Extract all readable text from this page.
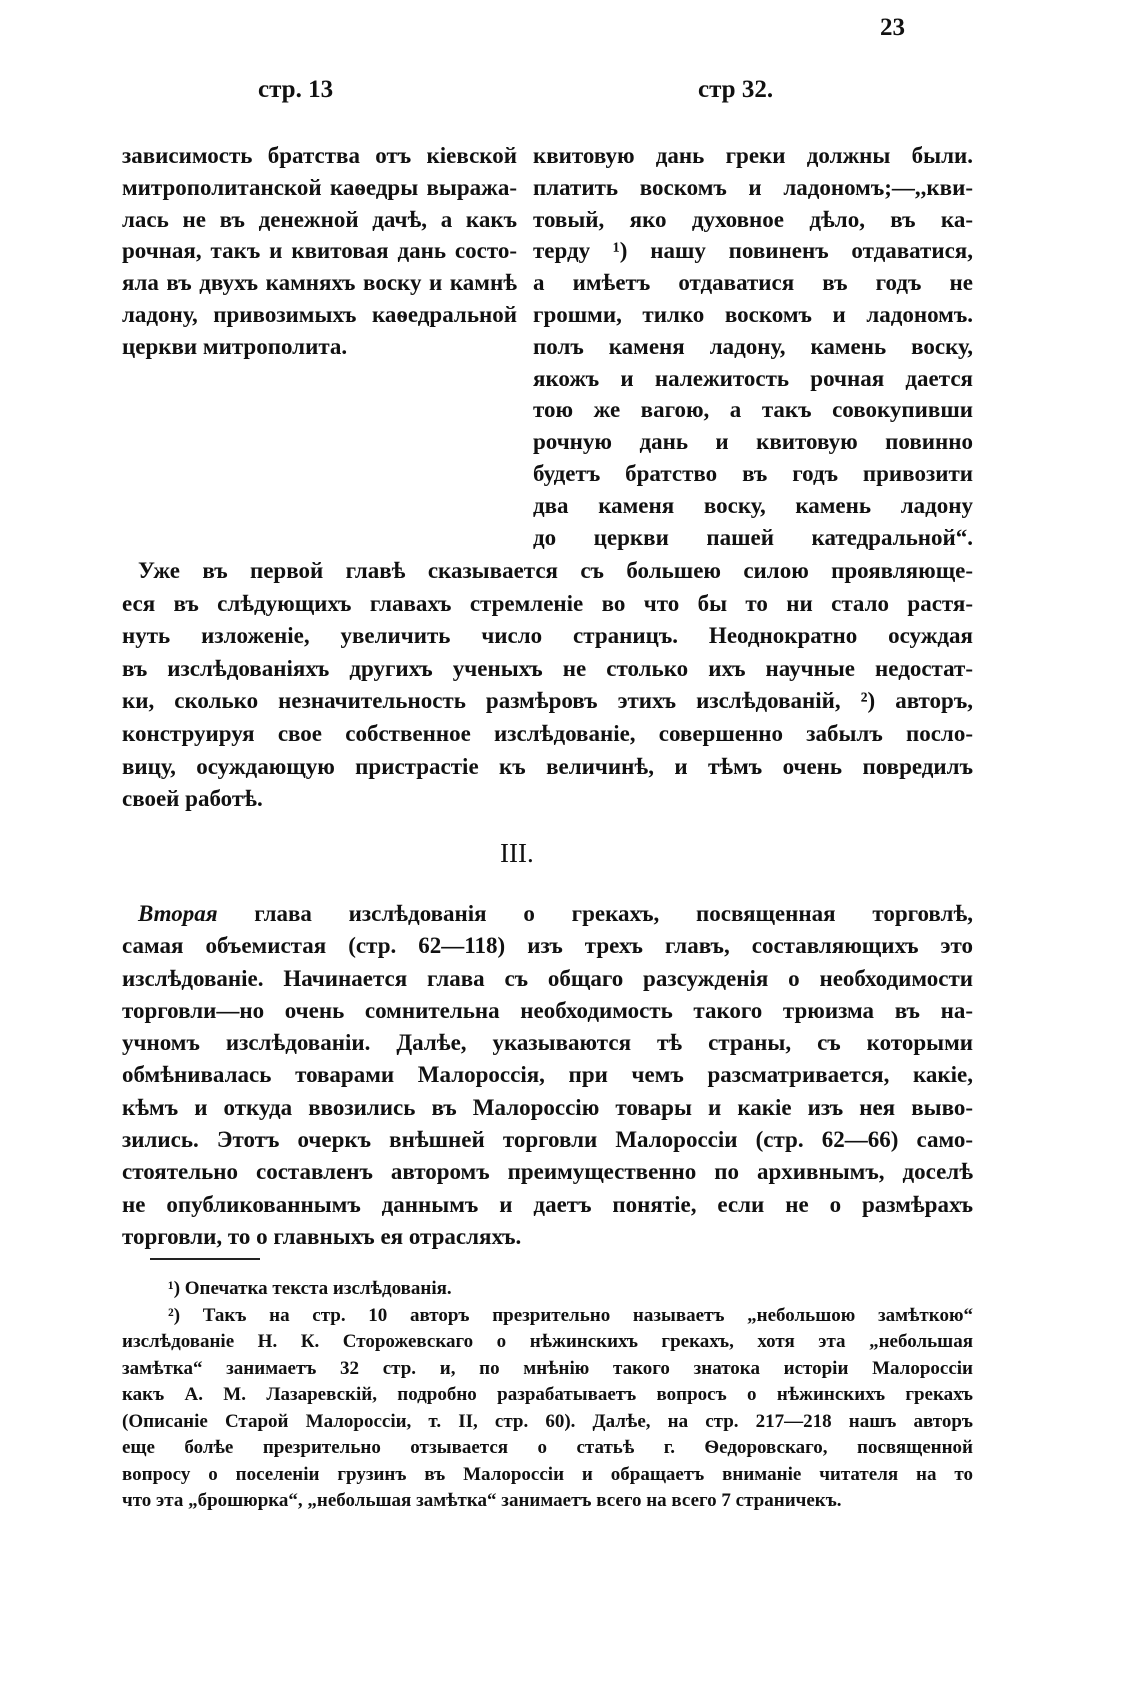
23
стр. 13	стр 32.
зависимость братства отъ кіевской
митрополитанской каѳедры выража-
лась не въ денежной дачѣ, а какъ
рочная, такъ и квитовая дань состо-
яла въ двухъ камняхъ воску и камнѣ
ладону, привозимыхъ каѳедральной
церкви митрополита.
квитовую дань греки должны были.
платить воскомъ и ладономъ;—,,кви-
товый, яко духовное дѣло, въ ка-
терду ¹) нашу повиненъ отдаватися,
а имѣетъ отдаватися въ годъ не
грошми, тилко воскомъ и ладономъ.
полъ каменя ладону, камень воску,
якожъ и належитость рочная дается
тою же вагою, а такъ совокупивши
рочную дань и квитовую повинно
будетъ братство въ годъ привозити
два каменя воску, камень ладону
до церкви пашей катедральной“.
Уже въ первой главѣ сказывается съ большею силою проявляюще-
еся въ слѣдующихъ главахъ стремленіе во что бы то ни стало растя-
нуть изложеніе, увеличить число страницъ. Неоднократно осуждая
въ изслѣдованіяхъ другихъ ученыхъ не столько ихъ научные недостат-
ки, сколько незначительность размѣровъ этихъ изслѣдованій, ²) авторъ,
конструируя свое собственное изслѣдованіе, совершенно забылъ посло-
вицу, осуждающую пристрастіе къ величинѣ, и тѣмъ очень повредилъ
своей работѣ.
III.
Вторая глава изслѣдованія о грекахъ, посвященная торговлѣ,
самая объемистая (стр. 62—118) изъ трехъ главъ, составляющихъ это
изслѣдованіе. Начинается глава съ общаго разсужденія о необходимости
торговли—но очень сомнительна необходимость такого трюизма въ на-
учномъ изслѣдованіи. Далѣе, указываются тѣ страны, съ которыми
обмѣнивалась товарами Малороссія, при чемъ разсматривается, какіе,
кѣмъ и откуда ввозились въ Малороссію товары и какіе изъ нея выво-
зились. Этотъ очеркъ внѣшней торговли Малороссіи (стр. 62—66) само-
стоятельно составленъ авторомъ преимущественно по архивнымъ, доселѣ
не опубликованнымъ даннымъ и даетъ понятіе, если не о размѣрахъ
торговли, то о главныхъ ея отрасляхъ.
¹) Опечатка текста изслѣдованія.
²) Такъ на стр. 10 авторъ презрительно называетъ „небольшою замѣткою“
изслѣдованіе Н. К. Сторожевскаго о нѣжинскихъ грекахъ, хотя эта „небольшая
замѣтка“ занимаетъ 32 стр. и, по мнѣнію такого знатока исторіи Малороссіи
какъ А. М. Лазаревскій, подробно разрабатываетъ вопросъ о нѣжинскихъ грекахъ
(Описаніе Старой Малороссіи, т. II, стр. 60). Далѣе, на стр. 217—218 нашъ авторъ
еще болѣе презрительно отзывается о статьѣ г. Ѳедоровскаго, посвященной
вопросу о поселеніи грузинъ въ Малороссіи и обращаетъ вниманіе читателя на то
что эта „брошюрка“, „небольшая замѣтка“ занимаетъ всего на всего 7 страничекъ.
